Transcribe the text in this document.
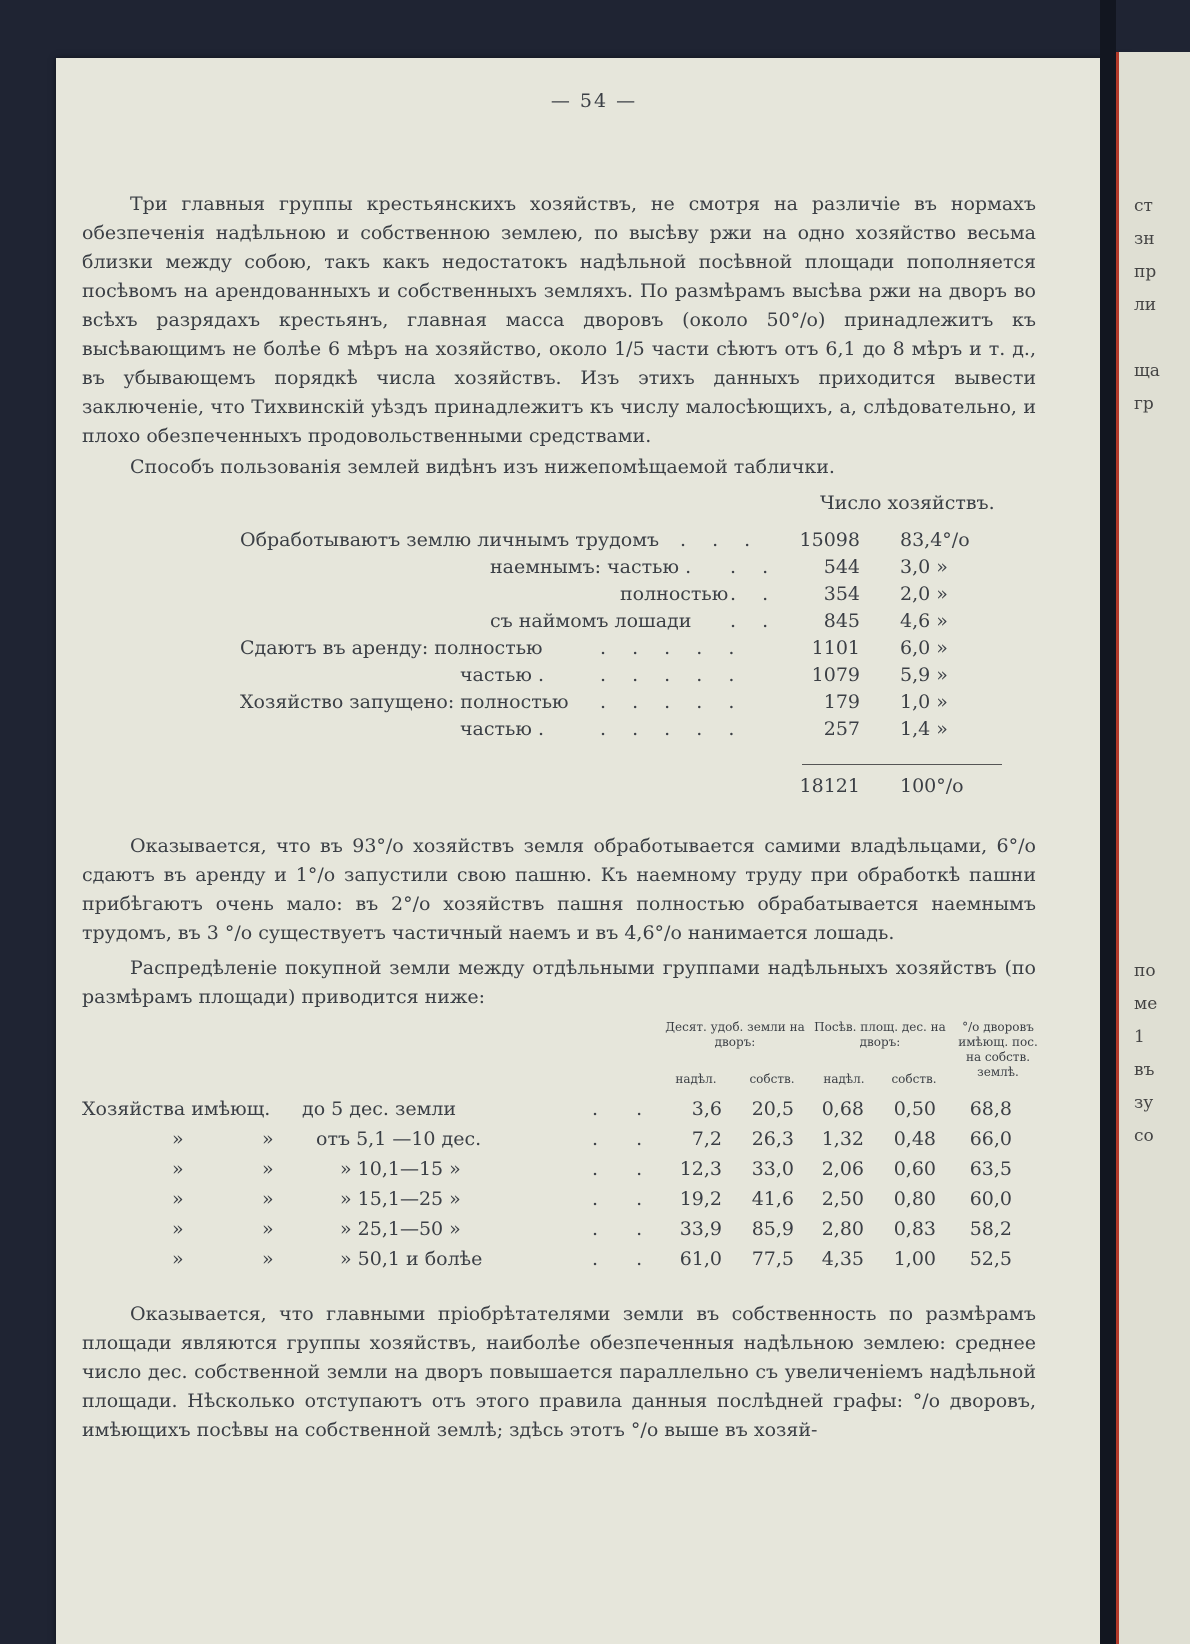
ст
зн
пр
ли
ща
гр
по
ме
1
въ
зу
со
— 54 —

Три главныя группы крестьянскихъ хозяйствъ, не смотря на различіе въ нормахъ обезпеченія надѣльною и собственною землею, по высѣву ржи на одно хозяйство весьма близки между собою, такъ какъ недостатокъ надѣльной посѣвной площади пополняется посѣвомъ на арендованныхъ и собственныхъ земляхъ. По размѣрамъ высѣва ржи на дворъ во всѣхъ разрядахъ крестьянъ, главная масса дворовъ (около 50°/о) принадлежитъ къ высѣвающимъ не болѣе 6 мѣръ на хозяйство, около 1/5 части сѣютъ отъ 6,1 до 8 мѣръ и т. д., въ убывающемъ порядкѣ числа хозяйствъ. Изъ этихъ данныхъ приходится вывести заключеніе, что Тихвинскій уѣздъ принадлежитъ къ числу малосѣющихъ, а, слѣдовательно, и плохо обезпеченныхъ продовольственными средствами.

Способъ пользованія землей видѣнъ изъ нижепомѣщаемой таблички.

Число хозяйствъ.
Обработываютъ землю личнымъ трудомъ . . .	15098 83,4°/о
наемнымъ: частью . . .	544 3,0 »
полностью . .	354 2,0 »
съ наймомъ лошади . .	845 4,6 »
Сдаютъ въ аренду: полностью	. . . . .	1101 6,0 »
частью .	. . . . .	1079 5,9 »
Хозяйство запущено: полностью . . . . .	179 1,0 »
частью .	. . . . .	257 1,4 »
18121 100°/о

Оказывается, что въ 93°/о хозяйствъ земля обработывается самими владѣльцами, 6°/о сдаютъ въ аренду и 1°/о запустили свою пашню. Къ наемному труду при обработкѣ пашни прибѣгаютъ очень мало: въ 2°/о хозяйствъ пашня полностью обрабатывается наемнымъ трудомъ, въ 3 °/о существуетъ частичный наемъ и въ 4,6°/о нанимается лошадь.

Распредѣленіе покупной земли между отдѣльными группами надѣльныхъ хозяйствъ (по размѣрамъ площади) приводится ниже:

Десят. удоб. земли на дворъ:
Посѣв. площ. дес. на дворъ:
°/о дворовъ имѣющ. пос. на собств. землѣ.
надѣл.	собств.	надѣл.	собств.
Хозяйства имѣющ. до 5 дес. земли	. .	3,6	20,5	0,68	0,50	68,8
»	» отъ 5,1 —10 дес.	. .	7,2	26,3	1,32	0,48	66,0
»	»	» 10,1—15 »	. .	12,3	33,0	2,06	0,60	63,5
»	»	» 15,1—25 »	. .	19,2	41,6	2,50	0,80	60,0
»	»	» 25,1—50 »	. .	33,9	85,9	2,80	0,83	58,2
»	»	» 50,1 и болѣе	. .	61,0	77,5	4,35	1,00	52,5

Оказывается, что главными пріобрѣтателями земли въ собственность по размѣрамъ площади являются группы хозяйствъ, наиболѣе обезпеченныя надѣльною землею: среднее число дес. собственной земли на дворъ повышается параллельно съ увеличеніемъ надѣльной площади. Нѣсколько отступаютъ отъ этого правила данныя послѣдней графы: °/о дворовъ, имѣющихъ посѣвы на собственной землѣ; здѣсь этотъ °/о выше въ хозяй-
